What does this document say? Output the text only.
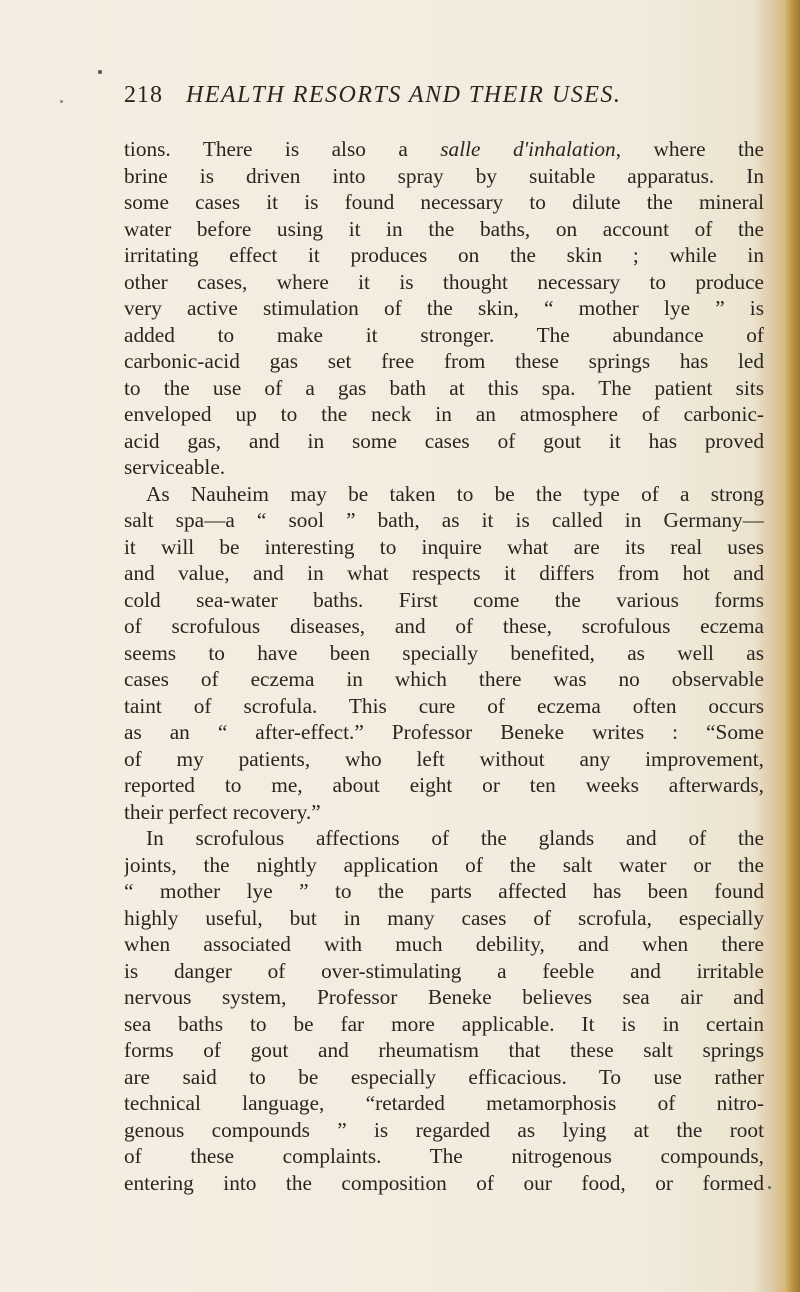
218 HEALTH RESORTS AND THEIR USES.
tions. There is also a salle d'inhalation, where the
brine is driven into spray by suitable apparatus. In
some cases it is found necessary to dilute the mineral
water before using it in the baths, on account of the
irritating effect it produces on the skin ; while in
other cases, where it is thought necessary to produce
very active stimulation of the skin, “ mother lye ” is
added to make it stronger. The abundance of
carbonic-acid gas set free from these springs has led
to the use of a gas bath at this spa. The patient sits
enveloped up to the neck in an atmosphere of carbonic-
acid gas, and in some cases of gout it has proved
serviceable.
As Nauheim may be taken to be the type of a strong
salt spa—a “ sool ” bath, as it is called in Germany—
it will be interesting to inquire what are its real uses
and value, and in what respects it differs from hot and
cold sea-water baths. First come the various forms
of scrofulous diseases, and of these, scrofulous eczema
seems to have been specially benefited, as well as
cases of eczema in which there was no observable
taint of scrofula. This cure of eczema often occurs
as an “ after-effect.” Professor Beneke writes : “Some
of my patients, who left without any improvement,
reported to me, about eight or ten weeks afterwards,
their perfect recovery.”
In scrofulous affections of the glands and of the
joints, the nightly application of the salt water or the
“ mother lye ” to the parts affected has been found
highly useful, but in many cases of scrofula, especially
when associated with much debility, and when there
is danger of over-stimulating a feeble and irritable
nervous system, Professor Beneke believes sea air and
sea baths to be far more applicable. It is in certain
forms of gout and rheumatism that these salt springs
are said to be especially efficacious. To use rather
technical language, “retarded metamorphosis of nitro-
genous compounds ” is regarded as lying at the root
of these complaints. The nitrogenous compounds,
entering into the composition of our food, or formed
